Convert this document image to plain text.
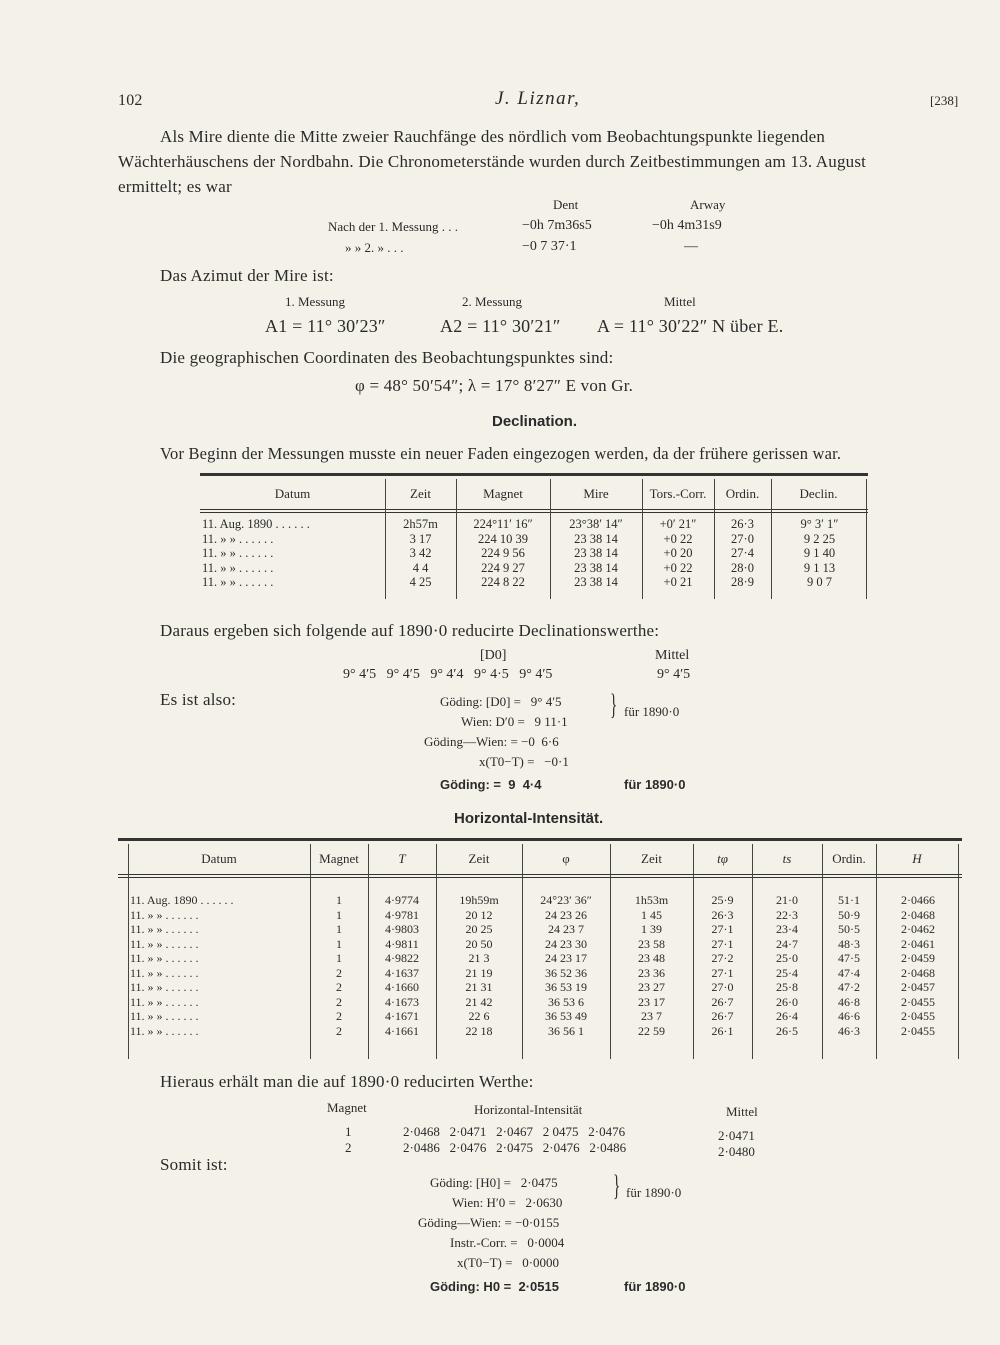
102	J. Liznar,	[238]
Als Mire diente die Mitte zweier Rauchfänge des nördlich vom Beobachtungspunkte liegenden
Wächterhäuschens der Nordbahn. Die Chronometerstände wurden durch Zeitbestimmungen am 13. August
ermittelt; es war
Dent	Arway
Nach der 1. Messung . . .	−0h 7m36s5	−0h 4m31s9
» » 2. » . . .	−0 7 37·1	—
Das Azimut der Mire ist:
1. Messung	2. Messung	Mittel
A1 = 11° 30′23″	A2 = 11° 30′21″ A = 11° 30′22″ N über E.
Die geographischen Coordinaten des Beobachtungspunktes sind:
φ = 48° 50′54″; λ = 17° 8′27″ E von Gr.
Declination.
Vor Beginn der Messungen musste ein neuer Faden eingezogen werden, da der frühere gerissen war.
Datum	Zeit	Magnet	Mire	Tors.-Corr.	Ordin.	Declin.
11. Aug. 1890 . . . . . .	2h57m	224°11′ 16″	23°38′ 14″	+0′ 21″	26·3	9° 3′ 1″
11. » » . . . . . .	3 17	224 10 39	23 38 14	+0 22	27·0	9 2 25
11. » » . . . . . .	3 42	224 9 56	23 38 14	+0 20	27·4	9 1 40
11. » » . . . . . .	4 4	224 9 27	23 38 14	+0 22	28·0	9 1 13
11. » » . . . . . .	4 25	224 8 22	23 38 14	+0 21	28·9	9 0 7
Daraus ergeben sich folgende auf 1890·0 reducirte Declinationswerthe:
[D0]	Mittel
9° 4′5   9° 4′5   9° 4′4   9° 4·5   9° 4′5	9° 4′5
Es ist also:	Göding: [D0] =   9° 4′5
Wien: D′0 =   9 11·1
} für 1890·0
Göding—Wien: = −0  6·6
x(T0−T) =   −0·1
Göding: =  9  4·4	für 1890·0
Horizontal-Intensität.
Datum	Magnet	T	Zeit	φ	Zeit	tφ	ts	Ordin.	H
11. Aug. 1890 . . . . . .	1	4·9774	19h59m	24°23′ 36″	1h53m	25·9	21·0	51·1	2·0466
11. » » . . . . . .	1	4·9781	20 12	24 23 26	1 45	26·3	22·3	50·9	2·0468
11. » » . . . . . .	1	4·9803	20 25	24 23 7	1 39	27·1	23·4	50·5	2·0462
11. » » . . . . . .	1	4·9811	20 50	24 23 30	23 58	27·1	24·7	48·3	2·0461
11. » » . . . . . .	1	4·9822	21 3	24 23 17	23 48	27·2	25·0	47·5	2·0459
11. » » . . . . . .	2	4·1637	21 19	36 52 36	23 36	27·1	25·4	47·4	2·0468
11. » » . . . . . .	2	4·1660	21 31	36 53 19	23 27	27·0	25·8	47·2	2·0457
11. » » . . . . . .	2	4·1673	21 42	36 53 6	23 17	26·7	26·0	46·8	2·0455
11. » » . . . . . .	2	4·1671	22 6	36 53 49	23 7	26·7	26·4	46·6	2·0455
11. » » . . . . . .	2	4·1661	22 18	36 56 1	22 59	26·1	26·5	46·3	2·0455
Hieraus erhält man die auf 1890·0 reducirten Werthe:
Magnet	Horizontal-Intensität	Mittel
1	2·0468   2·0471   2·0467   2 0475   2·0476	2·0471
2	2·0486   2·0476   2·0475   2·0476   2·0486	2·0480
Somit ist:
Göding: [H0] =   2·0475
Wien: H′0 =   2·0630
} für 1890·0
Göding—Wien: = −0·0155
Instr.-Corr. =   0·0004
x(T0−T) =   0·0000
Göding: H0 =  2·0515	für 1890·0
